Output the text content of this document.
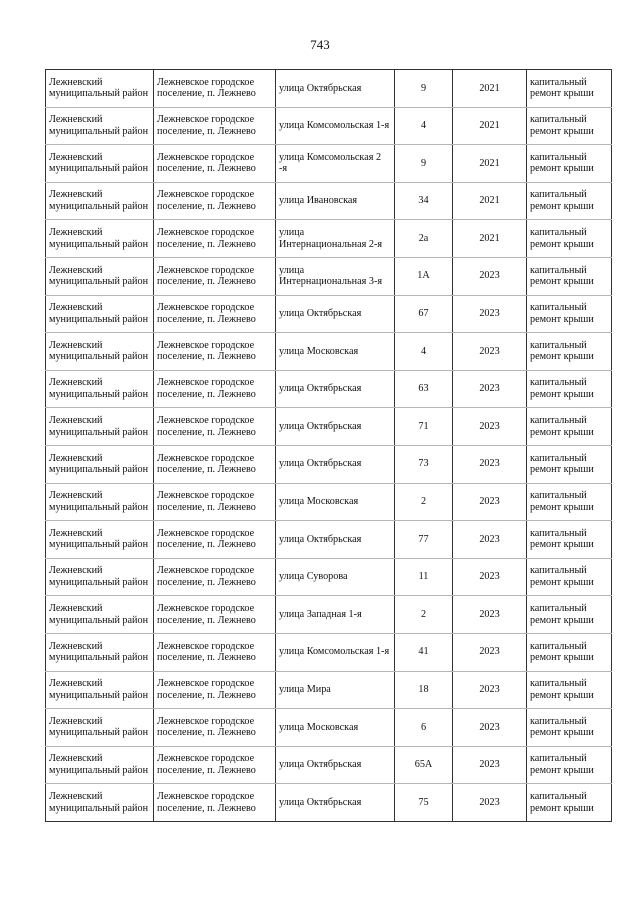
743
Лежневский муниципальный район	Лежневское городское поселение, п. Лежнево	улица Октябрьская	9	2021	капитальный ремонт крыши
Лежневский муниципальный район	Лежневское городское поселение, п. Лежнево	улица Комсомольская 1-я	4	2021	капитальный ремонт крыши
Лежневский муниципальный район	Лежневское городское поселение, п. Лежнево	улица Комсомольская 2 -я	9	2021	капитальный ремонт крыши
Лежневский муниципальный район	Лежневское городское поселение, п. Лежнево	улица Ивановская	34	2021	капитальный ремонт крыши
Лежневский муниципальный район	Лежневское городское поселение, п. Лежнево	улица Интернациональная 2-я	2а	2021	капитальный ремонт крыши
Лежневский муниципальный район	Лежневское городское поселение, п. Лежнево	улица Интернациональная 3-я	1А	2023	капитальный ремонт крыши
Лежневский муниципальный район	Лежневское городское поселение, п. Лежнево	улица Октябрьская	67	2023	капитальный ремонт крыши
Лежневский муниципальный район	Лежневское городское поселение, п. Лежнево	улица Московская	4	2023	капитальный ремонт крыши
Лежневский муниципальный район	Лежневское городское поселение, п. Лежнево	улица Октябрьская	63	2023	капитальный ремонт крыши
Лежневский муниципальный район	Лежневское городское поселение, п. Лежнево	улица Октябрьская	71	2023	капитальный ремонт крыши
Лежневский муниципальный район	Лежневское городское поселение, п. Лежнево	улица Октябрьская	73	2023	капитальный ремонт крыши
Лежневский муниципальный район	Лежневское городское поселение, п. Лежнево	улица Московская	2	2023	капитальный ремонт крыши
Лежневский муниципальный район	Лежневское городское поселение, п. Лежнево	улица Октябрьская	77	2023	капитальный ремонт крыши
Лежневский муниципальный район	Лежневское городское поселение, п. Лежнево	улица Суворова	11	2023	капитальный ремонт крыши
Лежневский муниципальный район	Лежневское городское поселение, п. Лежнево	улица Западная 1-я	2	2023	капитальный ремонт крыши
Лежневский муниципальный район	Лежневское городское поселение, п. Лежнево	улица Комсомольская 1-я	41	2023	капитальный ремонт крыши
Лежневский муниципальный район	Лежневское городское поселение, п. Лежнево	улица Мира	18	2023	капитальный ремонт крыши
Лежневский муниципальный район	Лежневское городское поселение, п. Лежнево	улица Московская	6	2023	капитальный ремонт крыши
Лежневский муниципальный район	Лежневское городское поселение, п. Лежнево	улица Октябрьская	65А	2023	капитальный ремонт крыши
Лежневский муниципальный район	Лежневское городское поселение, п. Лежнево	улица Октябрьская	75	2023	капитальный ремонт крыши
